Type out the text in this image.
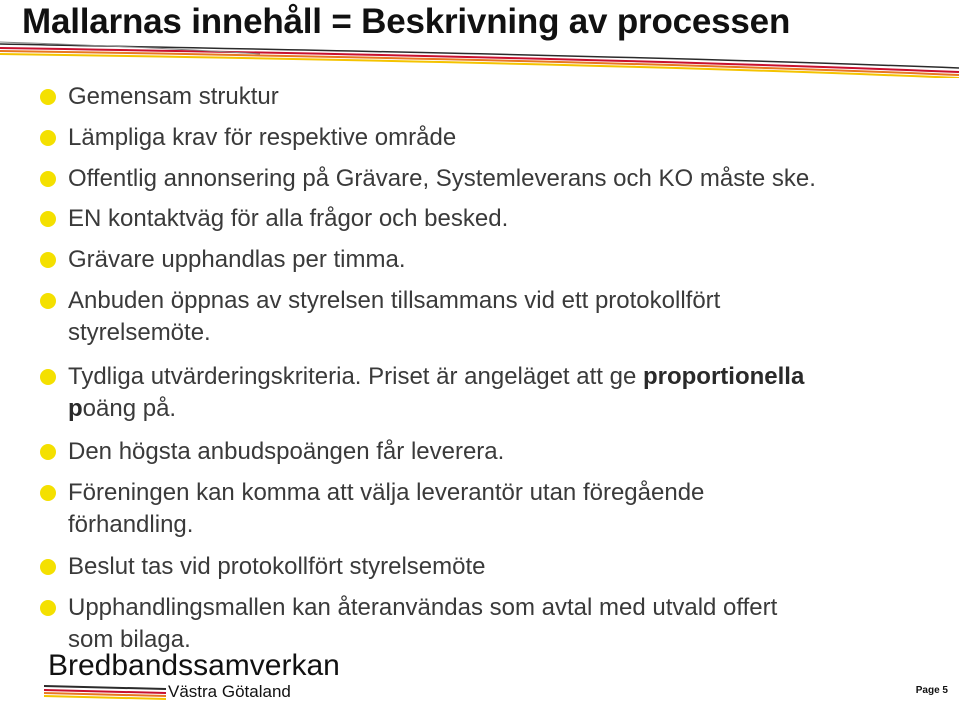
Mallarnas innehåll = Beskrivning av processen
Gemensam struktur
Lämpliga krav för respektive område
Offentlig annonsering på Grävare, Systemleverans och KO måste ske.
EN kontaktväg för alla frågor och besked.
Grävare upphandlas per timma.
Anbuden öppnas av styrelsen tillsammans vid ett protokollfört
styrelsemöte.
Tydliga utvärderingskriteria. Priset är angeläget att ge proportionella
poäng på.
Den högsta anbudspoängen får leverera.
Föreningen kan komma att välja leverantör utan föregående
förhandling.
Beslut tas vid protokollfört styrelsemöte
Upphandlingsmallen kan återanvändas som avtal med utvald offert
som bilaga.
Bredbandssamverkan
Västra Götaland	Page 5
